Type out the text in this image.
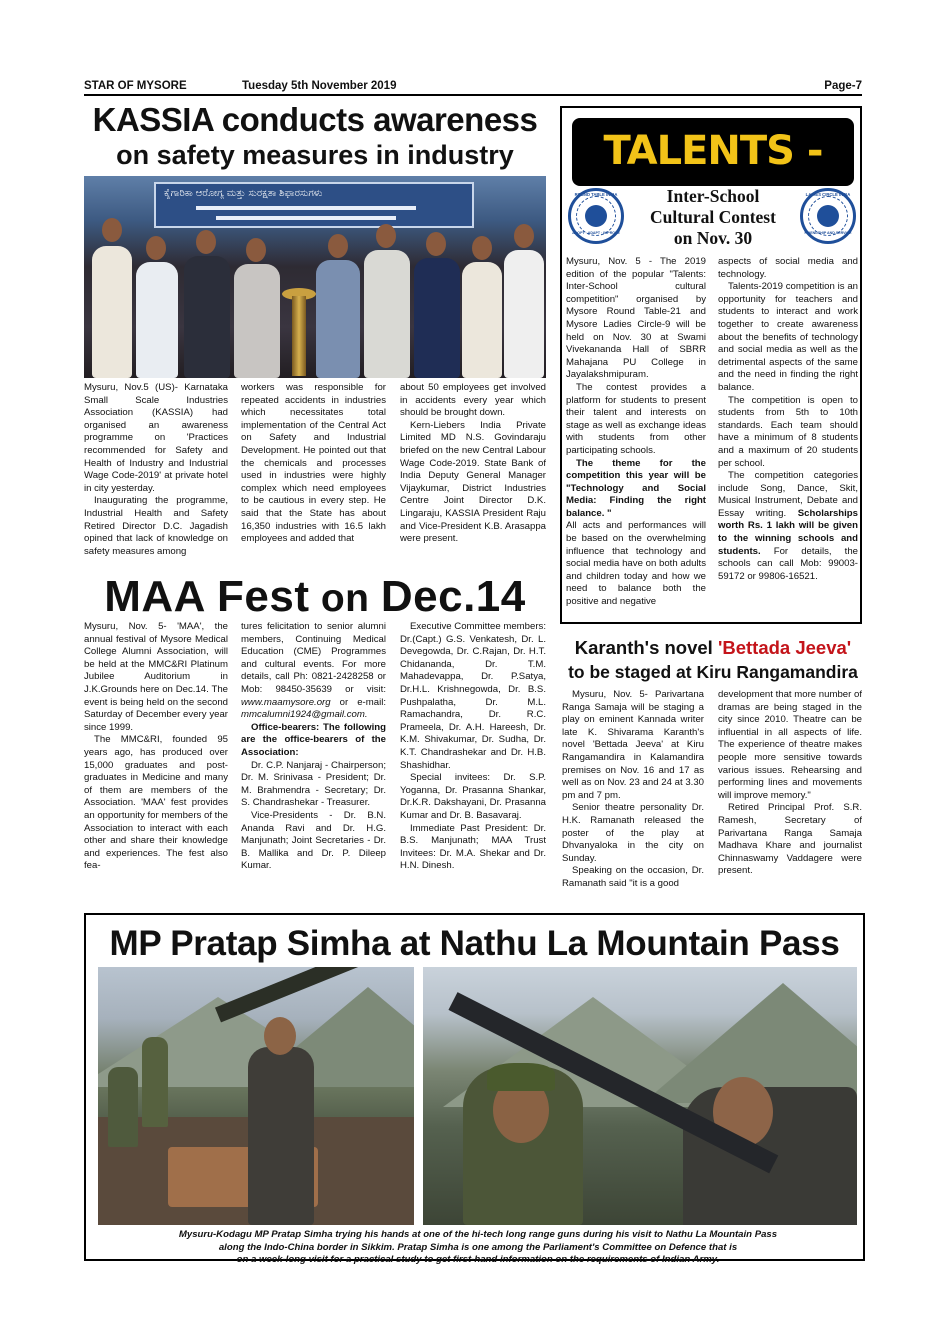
STAR OF MYSORE	Tuesday 5th November 2019	Page-7
KASSIA conducts awareness
on safety measures in industry
ಕೈಗಾರಿಕಾ ಆರೋಗ್ಯ ಮತ್ತು ಸುರಕ್ಷತಾ ಶಿಫಾರಸುಗಳು

Mysuru, Nov.5 (US)- Karnataka Small Scale Industries Association (KASSIA) had organised an awareness programme on 'Practices recommended for Safety and Health of Industry and Industrial Wage Code-2019' at private hotel in city yesterday.

Inaugurating the programme, Industrial Health and Safety Retired Director D.C. Jagadish opined that lack of knowledge on safety measures among

workers was responsible for repeated accidents in industries which necessitates total implementation of the Central Act on Safety and Industrial Development. He pointed out that the chemicals and processes used in industries were highly complex which need employees to be cautious in every step. He said that the State has about 16,350 industries with 16.5 lakh employees and added that

about 50 employees get involved in accidents every year which should be brought down.

Kern-Liebers India Private Limited MD N.S. Govindaraju briefed on the new Central Labour Wage Code-2019. State Bank of India Deputy General Manager Vijaykumar, District Industries Centre Joint Director D.K. Lingaraju, KASSIA President Raju and Vice-President K.B. Arasappa were present.

MAA Fest on Dec.14

Mysuru, Nov. 5- 'MAA', the annual festival of Mysore Medical College Alumni Association, will be held at the MMC&RI Platinum Jubilee Auditorium in J.K.Grounds here on Dec.14. The event is being held on the second Saturday of December every year since 1999.

The MMC&RI, founded 95 years ago, has produced over 15,000 graduates and post-graduates in Medicine and many of them are members of the Association. 'MAA' fest provides an opportunity for members of the Association to interact with each other and share their knowledge and experiences. The fest also fea-

tures felicitation to senior alumni members, Continuing Medical Education (CME) Programmes and cultural events. For more details, call Ph: 0821-2428258 or Mob: 98450-35639 or visit: www.maamysore.org or e-mail: mmcalumni1924@gmail.com.

Office-bearers: The following are the office-bearers of the Association:

Dr. C.P. Nanjaraj - Chairperson; Dr. M. Srinivasa - President; Dr. M. Brahmendra - Secretary; Dr. S. Chandrashekar - Treasurer.

Vice-Presidents - Dr. B.N. Ananda Ravi and Dr. H.G. Manjunath; Joint Secretaries - Dr. B. Mallika and Dr. P. Dileep Kumar.

Executive Committee members: Dr.(Capt.) G.S. Venkatesh, Dr. L. Devegowda, Dr. C.Rajan, Dr. H.T. Chidananda, Dr. T.M. Mahadevappa, Dr. P.Satya, Dr.H.L. Krishnegowda, Dr. B.S. Pushpalatha, Dr. M.L. Ramachandra, Dr. R.C. Prameela, Dr. A.H. Hareesh, Dr. K.M. Shivakumar, Dr. Sudha, Dr. K.T. Chandrashekar and Dr. H.B. Shashidhar.

Special invitees: Dr. S.P. Yoganna, Dr. Prasanna Shankar, Dr.K.R. Dakshayani, Dr. Prasanna Kumar and Dr. B. Basavaraj.

Immediate Past President: Dr. B.S. Manjunath; MAA Trust Invitees: Dr. M.A. Shekar and Dr. H.N. Dinesh.

TALENTS -
ROUND TABLE INDIA
ADOPT · ADAPT · IMPROVE
LADIES CIRCLE INDIA
FRIENDSHIP AND SERVICE
Inter-School
Cultural Contest
on Nov. 30

Mysuru, Nov. 5 - The 2019 edition of the popular "Talents: Inter-School cultural competition" organised by Mysore Round Table-21 and Mysore Ladies Circle-9 will be held on Nov. 30 at Swami Vivekananda Hall of SBRR Mahajana PU College in Jayalakshmipuram.

The contest provides a platform for students to present their talent and interests on stage as well as exchange ideas with students from other participating schools.

The theme for the competition this year will be "Technology and Social Media: Finding the right balance. "

All acts and performances will be based on the overwhelming influence that technology and social media have on both adults and children today and how we need to balance both the positive and negative

aspects of social media and technology.

Talents-2019 competition is an opportunity for teachers and students to interact and work together to create awareness about the benefits of technology and social media as well as the detrimental aspects of the same and the need in finding the right balance.

The competition is open to students from 5th to 10th standards. Each team should have a minimum of 8 students and a maximum of 20 students per school.

The competition categories include Song, Dance, Skit, Musical Instrument, Debate and Essay writing. Scholarships worth Rs. 1 lakh will be given to the winning schools and students. For details, the schools can call Mob: 99003-59172 or 99806-16521.

Karanth's novel 'Bettada Jeeva'
to be staged at Kiru Rangamandira

Mysuru, Nov. 5- Parivartana Ranga Samaja will be staging a play on eminent Kannada writer late K. Shivarama Karanth's novel 'Bettada Jeeva' at Kiru Rangamandira in Kalamandira premises on Nov. 16 and 17 as well as on Nov. 23 and 24 at 3.30 pm and 7 pm.

Senior theatre personality Dr. H.K. Ramanath released the poster of the play at Dhvanyaloka in the city on Sunday.

Speaking on the occasion, Dr. Ramanath said "it is a good

development that more number of dramas are being staged in the city since 2010. Theatre can be influential in all aspects of life. The experience of theatre makes people more sensitive towards various issues. Rehearsing and performing lines and movements will improve memory."

Retired Principal Prof. S.R. Ramesh, Secretary of Parivartana Ranga Samaja Madhava Khare and journalist Chinnaswamy Vaddagere were present.

MP Pratap Simha at Nathu La Mountain Pass
Mysuru-Kodagu MP Pratap Simha trying his hands at one of the hi-tech long range guns during his visit to Nathu La Mountain Pass
along the Indo-China border in Sikkim. Pratap Simha is one among the Parliament's Committee on Defence that is
on a week-long visit for a practical study to get first-hand information on the requirements of Indian Army.
